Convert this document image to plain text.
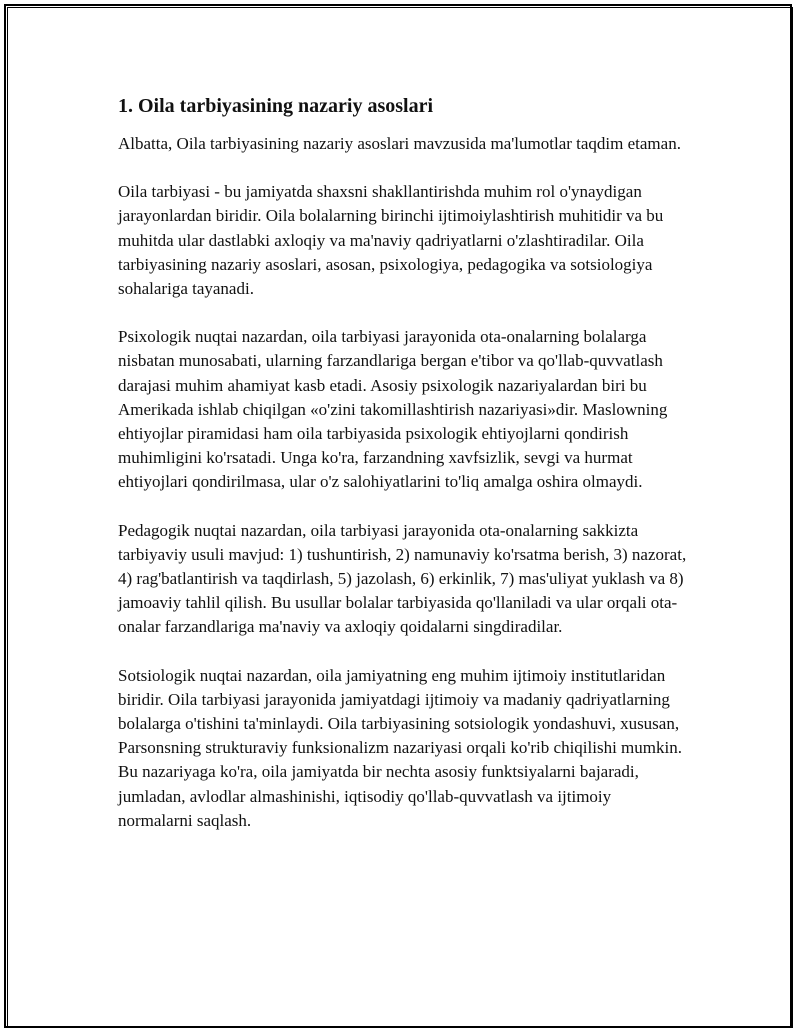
1. Oila tarbiyasining nazariy asoslari

Albatta, Oila tarbiyasining nazariy asoslari mavzusida ma'lumotlar taqdim etaman.

Oila tarbiyasi - bu jamiyatda shaxsni shakllantirishda muhim rol o'ynaydigan jarayonlardan biridir. Oila bolalarning birinchi ijtimoiylashtirish muhitidir va bu muhitda ular dastlabki axloqiy va ma'naviy qadriyatlarni o'zlashtiradilar. Oila tarbiyasining nazariy asoslari, asosan, psixologiya, pedagogika va sotsiologiya sohalariga tayanadi.

Psixologik nuqtai nazardan, oila tarbiyasi jarayonida ota-onalarning bolalarga nisbatan munosabati, ularning farzandlariga bergan e'tibor va qo'llab-quvvatlash darajasi muhim ahamiyat kasb etadi. Asosiy psixologik nazariyalardan biri bu Amerikada ishlab chiqilgan «o'zini takomillashtirish nazariyasi»dir. Maslowning ehtiyojlar piramidasi ham oila tarbiyasida psixologik ehtiyojlarni qondirish muhimligini ko'rsatadi. Unga ko'ra, farzandning xavfsizlik, sevgi va hurmat ehtiyojlari qondirilmasa, ular o'z salohiyatlarini to'liq amalga oshira olmaydi.

Pedagogik nuqtai nazardan, oila tarbiyasi jarayonida ota-onalarning sakkizta tarbiyaviy usuli mavjud: 1) tushuntirish, 2) namunaviy ko'rsatma berish, 3) nazorat, 4) rag'batlantirish va taqdirlash, 5) jazolash, 6) erkinlik, 7) mas'uliyat yuklash va 8) jamoaviy tahlil qilish. Bu usullar bolalar tarbiyasida qo'llaniladi va ular orqali ota-onalar farzandlariga ma'naviy va axloqiy qoidalarni singdiradilar.

Sotsiologik nuqtai nazardan, oila jamiyatning eng muhim ijtimoiy institutlaridan biridir. Oila tarbiyasi jarayonida jamiyatdagi ijtimoiy va madaniy qadriyatlarning bolalarga o'tishini ta'minlaydi. Oila tarbiyasining sotsiologik yondashuvi, xususan, Parsonsning strukturaviy funksionalizm nazariyasi orqali ko'rib chiqilishi mumkin. Bu nazariyaga ko'ra, oila jamiyatda bir nechta asosiy funktsiyalarni bajaradi, jumladan, avlodlar almashinishi, iqtisodiy qo'llab-quvvatlash va ijtimoiy normalarni saqlash.
